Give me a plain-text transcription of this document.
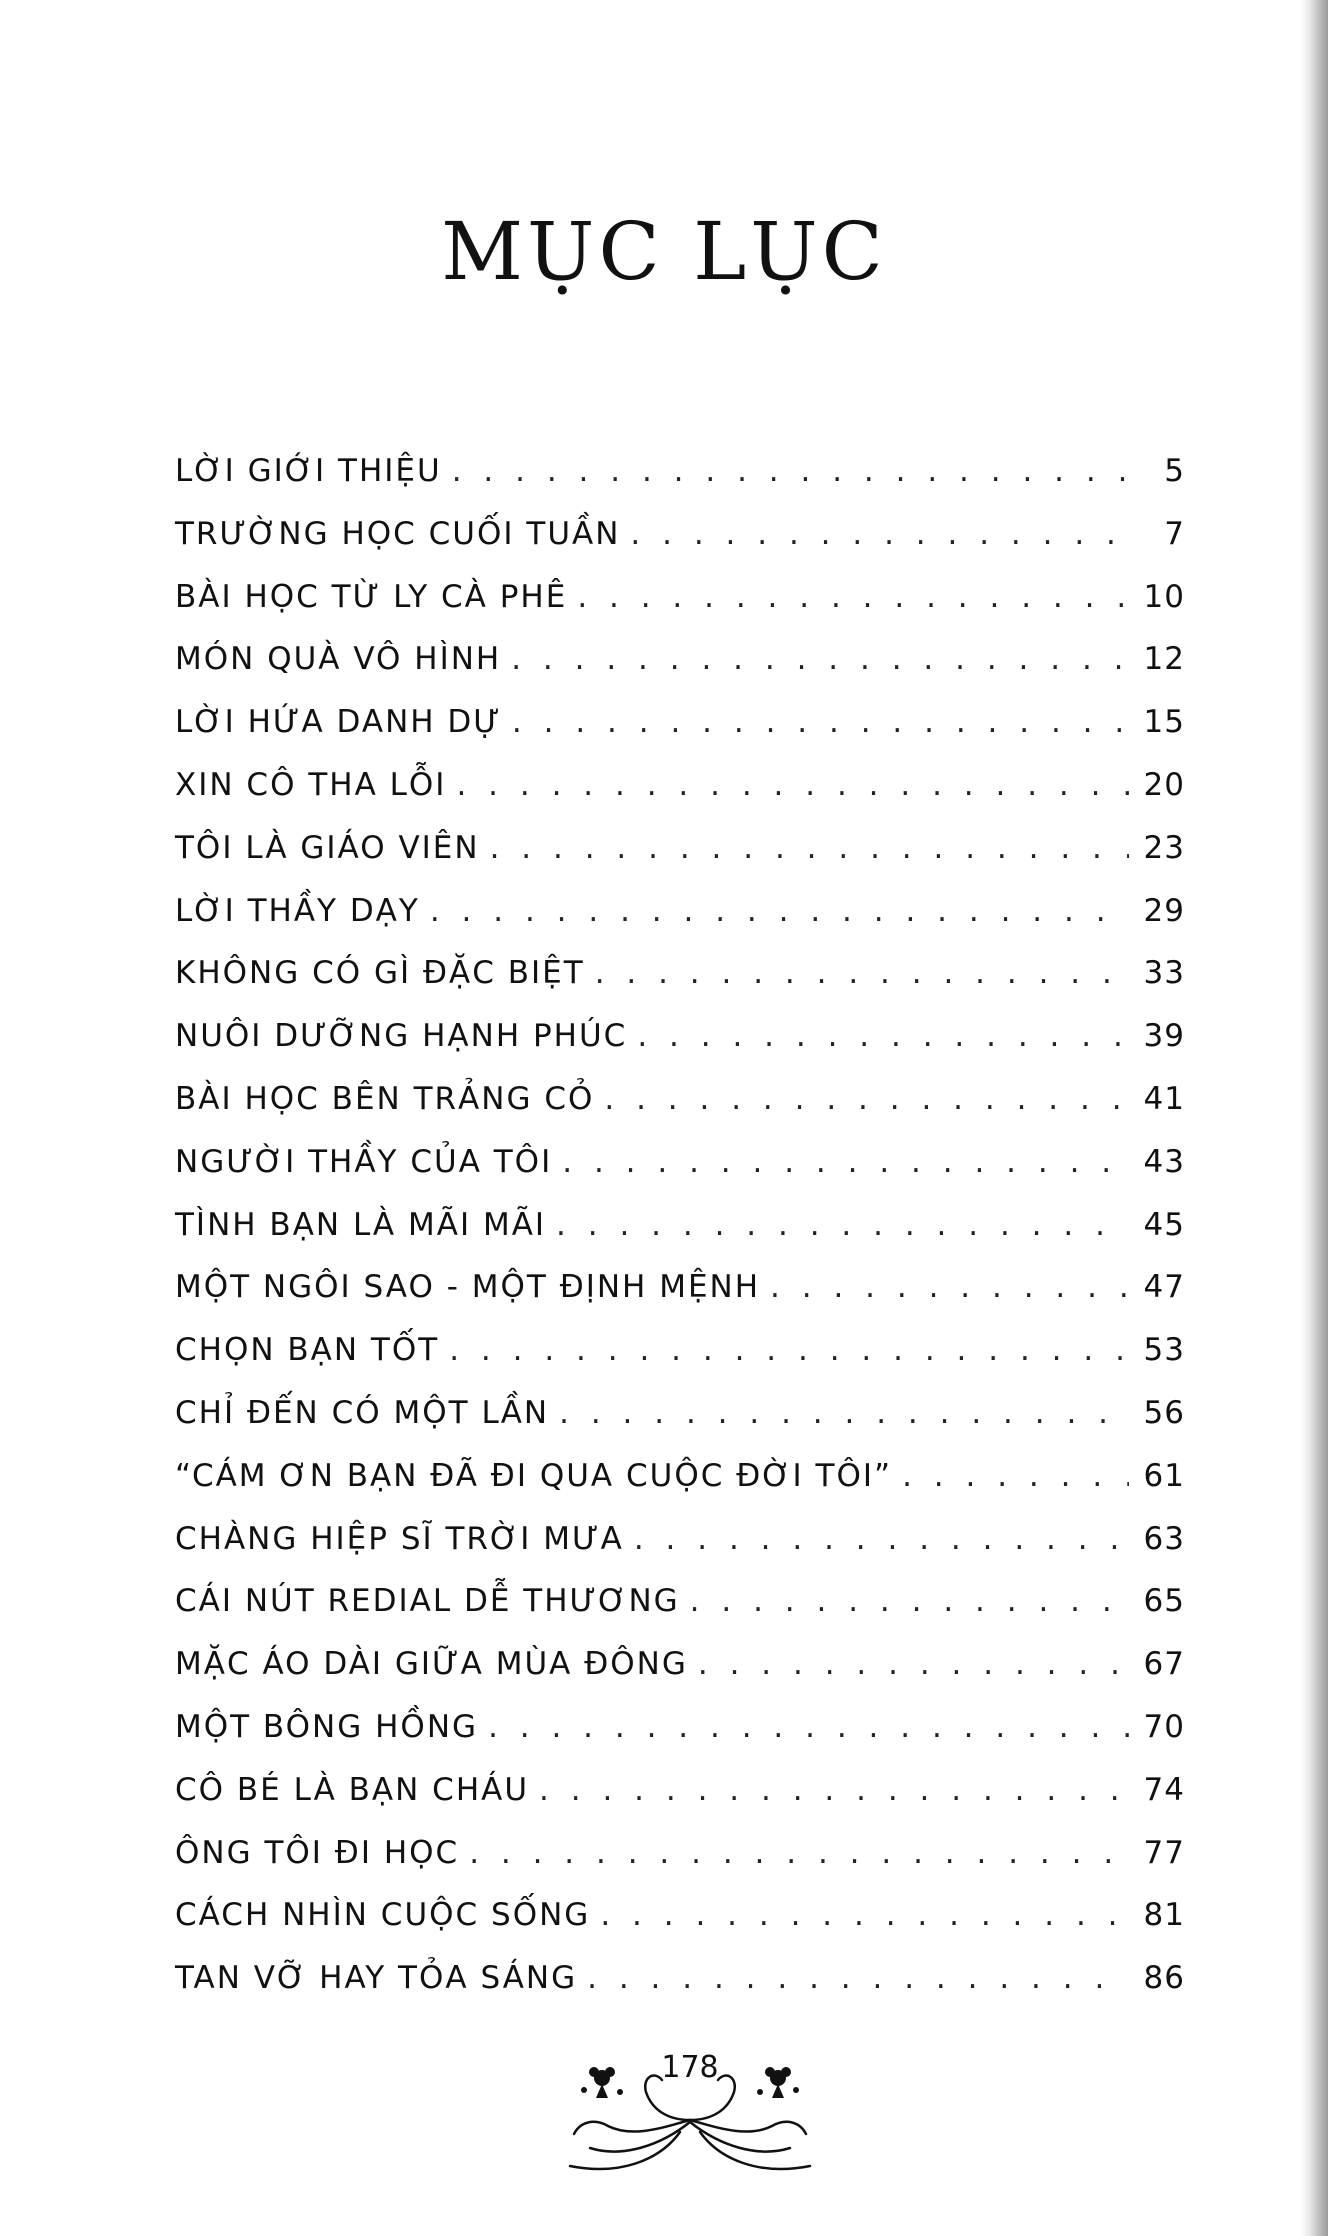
MỤC LỤC
LỜI GIỚI THIỆU . . .	5
TRƯỜNG HỌC CUỐI TUẦN . . .	7
BÀI HỌC TỪ LY CÀ PHÊ . . .	10
MÓN QUÀ VÔ HÌNH . . .	12
LỜI HỨA DANH DỰ . . .	15
XIN CÔ THA LỖI . . .	20
TÔI LÀ GIÁO VIÊN . . .	23
LỜI THẦY DẠY . . .	29
KHÔNG CÓ GÌ ĐẶC BIỆT . . .	33
NUÔI DƯỠNG HẠNH PHÚC . . .	39
BÀI HỌC BÊN TRẢNG CỎ . . .	41
NGƯỜI THẦY CỦA TÔI . . .	43
TÌNH BẠN LÀ MÃI MÃI . . .	45
MỘT NGÔI SAO - MỘT ĐỊNH MỆNH . . .	47
CHỌN BẠN TỐT . . .	53
CHỈ ĐẾN CÓ MỘT LẦN . . .	56
“CÁM ƠN BẠN ĐÃ ĐI QUA CUỘC ĐỜI TÔI” . . .	61
CHÀNG HIỆP SĨ TRỜI MƯA . . .	63
CÁI NÚT REDIAL DỄ THƯƠNG . . .	65
MẶC ÁO DÀI GIỮA MÙA ĐÔNG . . .	67
MỘT BÔNG HỒNG . . .	70
CÔ BÉ LÀ BẠN CHÁU . . .	74
ÔNG TÔI ĐI HỌC . . .	77
CÁCH NHÌN CUỘC SỐNG . . .	81
TAN VỠ HAY TỎA SÁNG . . .	86
178
